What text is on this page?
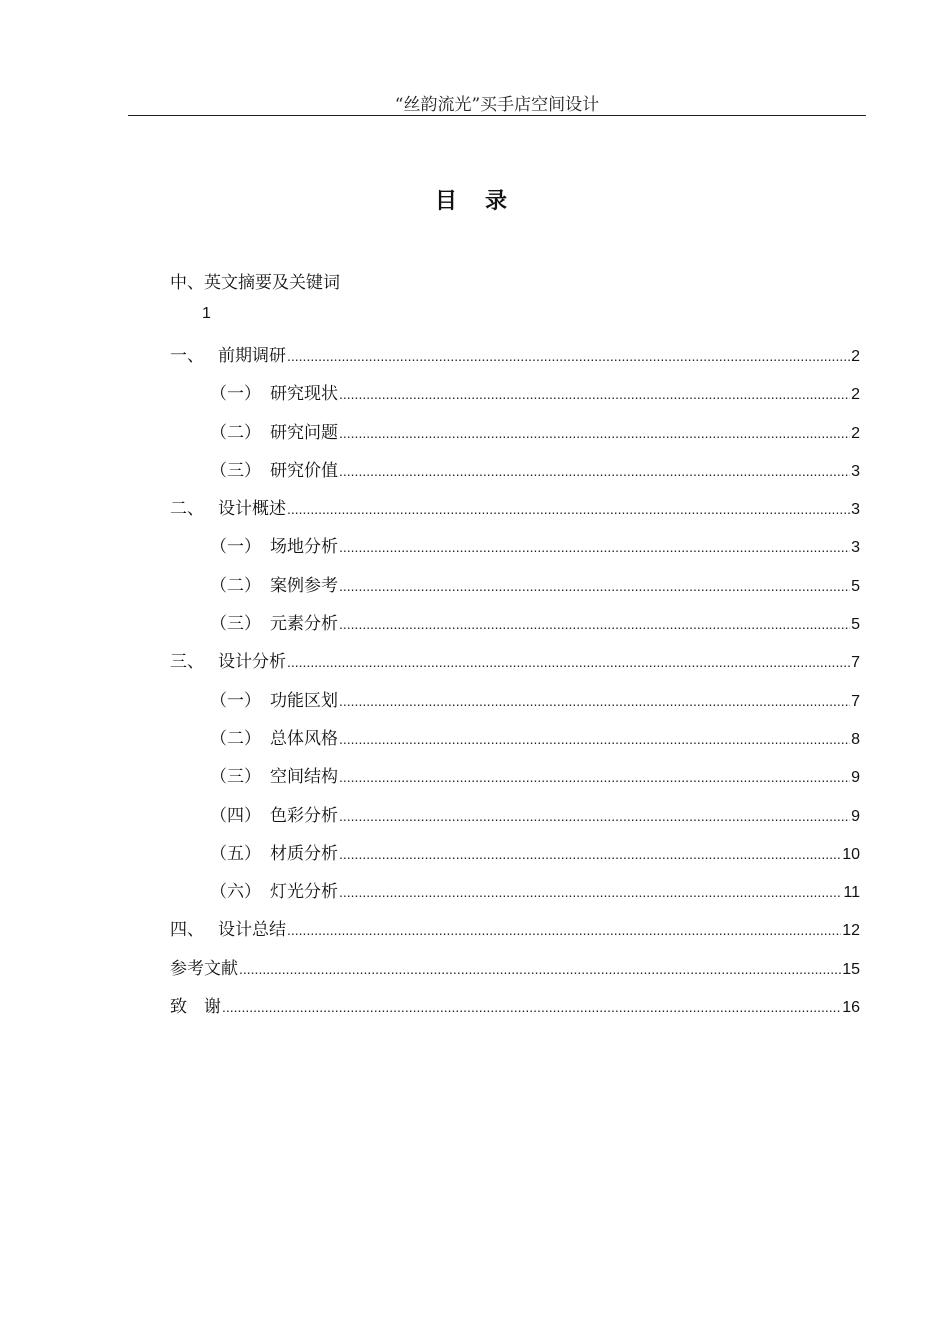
“丝韵流光”买手店空间设计
目录
中、英文摘要及关键词
1
一、 前期调研 .....	2
（一） 研究现状 .....	2
（二） 研究问题 .....	2
（三） 研究价值 .....	3
二、 设计概述 .....	3
（一） 场地分析 .....	3
（二） 案例参考 .....	5
（三） 元素分析 .....	5
三、 设计分析 .....	7
（一） 功能区划 .....	7
（二） 总体风格 .....	8
（三） 空间结构 .....	9
（四） 色彩分析 .....	9
（五） 材质分析 .....	10
（六） 灯光分析 .....	11
四、 设计总结 .....	12
参考文献 .....	15
致　谢 .....	16
